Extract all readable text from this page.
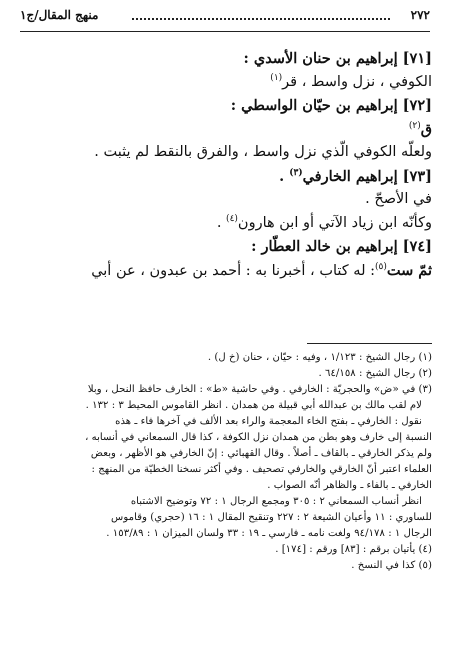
٢٧٢
منهج المقال/ج١
[٧١] إبراهيم بن حنان الأسدي :
الكوفي ، نزل واسط ، قر$^{(١)}$
[٧٢] إبراهيم بن حيّان الواسطي :
ق$^{(٢)}$
ولعلّه الكوفي الّذي نزل واسط ، والفرق بالنقط لم يثبت .
[٧٣] إبراهيم الخارفي$^{(٣)}$ .
في الأصحّ .
وكأنّه ابن زياد الآتي أو ابن هارون$^{(٤)}$ .
[٧٤] إبراهيم بن خالد العطّار :
ثمّ ست$^{(٥)}$: له كتاب ، أخبرنا به : أحمد بن عبدون ، عن أبي
(١) رجال الشيخ : ١/١٢٣ ، وفيه : حيّان ، حنان (خ ل) .
(٢) رجال الشيخ : ٦٤/١٥٨ .
(٣) في «ض» والحجريّة : الخارفي . وفي حاشية «ط» : الخارف حافظ النحل ، وبلا
لام لقب مالك بن عبدالله أبي قبيلة من همدان . انظر القاموس المحيط ٣ : ١٣٢ .
نقول : الخارفي ـ بفتح الخاء المعجمة والراء بعد الألف في آخرها فاء ـ هذه
النسبة إلى خارف وهو بطن من همدان نزل الكوفة ، كذا قال السمعاني في أنسابه ،
ولم يذكر الخارقي ـ بالقاف ـ أصلاً . وقال القهبائي : إنّ الخارفي هو الأظهر ، وبعض
العلماء اعتبر أنّ الخارقي والخارفي تصحيف . وفي أكثر نسخنا الخطيّة من المنهج :
الخارفي ـ بالفاء ـ والظاهر أنّه الصواب .
انظر أنساب السمعاني ٢ : ٣٠٥ ومجمع الرجال ١ : ٧٢ وتوضيح الاشتباه
للساوري : ١١ وأعيان الشيعة ٢ : ٢٢٧ وتنقيح المقال ١ : ١٦ (حجري) وقاموس
الرجال ١ : ٩٤/١٧٨ ولغت نامه ـ فارسي ـ ١٩ : ٣٣ ولسان الميزان ١ : ١٥٣/٨٩ .
(٤) يأتيان برقم : [٨٣] ورقم : [١٧٤] .
(٥) كذا في النسخ .
